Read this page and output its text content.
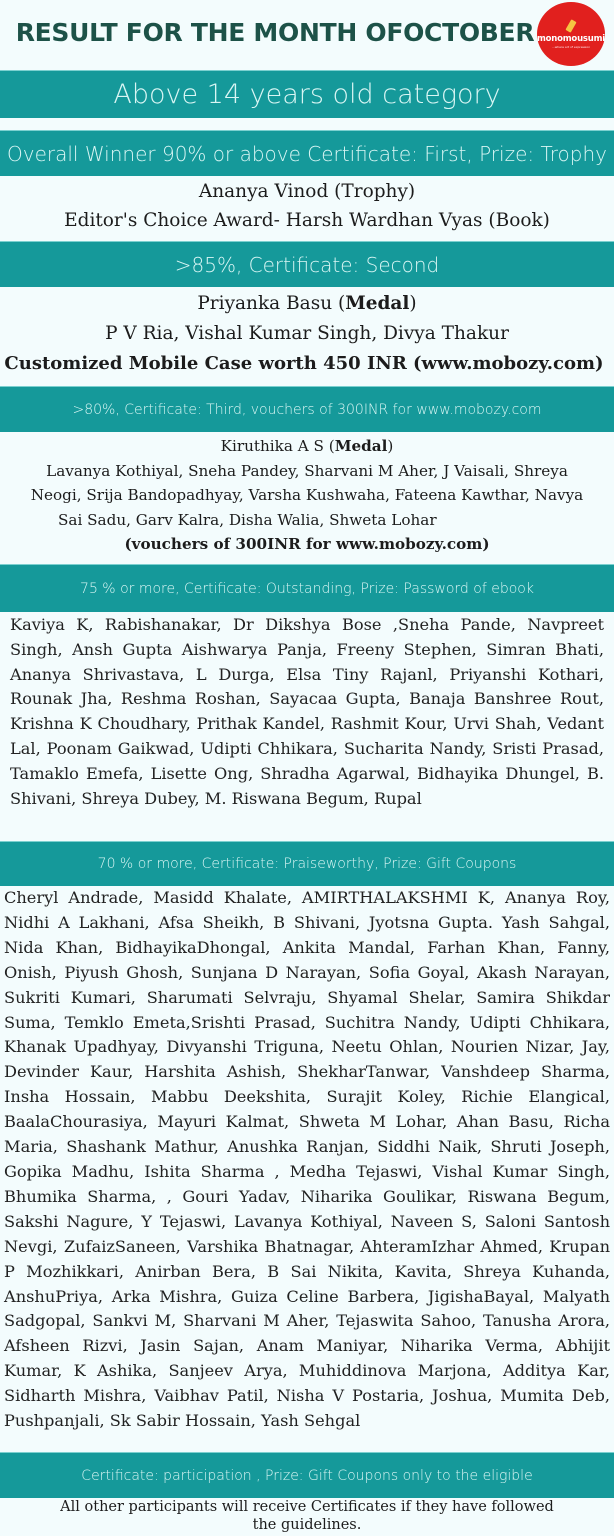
RESULT FOR THE MONTH OFOCTOBER monomousumi
...where art of expression
Above 14 years old category
Overall Winner 90% or above Certificate: First, Prize: Trophy
Ananya Vinod (Trophy)
Editor's Choice Award- Harsh Wardhan Vyas (Book)
>85%, Certificate: Second
Priyanka Basu (Medal)
P V Ria, Vishal Kumar Singh, Divya Thakur
Customized Mobile Case worth 450 INR (www.mobozy.com)
>80%, Certificate: Third, vouchers of 300INR for www.mobozy.com
Kiruthika A S (Medal)
Lavanya Kothiyal, Sneha Pandey, Sharvani M Aher, J Vaisali, Shreya
Neogi, Srija Bandopadhyay, Varsha Kushwaha, Fateena Kawthar, Navya
Sai Sadu, Garv Kalra, Disha Walia, Shweta Lohar
(vouchers of 300INR for www.mobozy.com)
75 % or more, Certificate: Outstanding, Prize: Password of ebook
Kaviya K, Rabishanakar, Dr Dikshya Bose ,Sneha Pande, Navpreet Singh, Ansh Gupta Aishwarya Panja, Freeny Stephen, Simran Bhati, Ananya Shrivastava, L Durga, Elsa Tiny Rajanl, Priyanshi Kothari, Rounak Jha, Reshma Roshan, Sayacaa Gupta, Banaja Banshree Rout, Krishna K Choudhary, Prithak Kandel, Rashmit Kour, Urvi Shah, Vedant Lal, Poonam Gaikwad, Udipti Chhikara, Sucharita Nandy, Sristi Prasad, Tamaklo Emefa, Lisette Ong, Shradha Agarwal, Bidhayika Dhungel, B. Shivani, Shreya Dubey, M. Riswana Begum, Rupal
70 % or more, Certificate: Praiseworthy, Prize: Gift Coupons
Cheryl Andrade, Masidd Khalate, AMIRTHALAKSHMI K, Ananya Roy, Nidhi A Lakhani, Afsa Sheikh, B Shivani, Jyotsna Gupta. Yash Sahgal, Nida Khan, BidhayikaDhongal, Ankita Mandal, Farhan Khan, Fanny, Onish, Piyush Ghosh, Sunjana D Narayan, Sofia Goyal, Akash Narayan, Sukriti Kumari, Sharumati Selvraju, Shyamal Shelar, Samira Shikdar Suma, Temklo Emeta,Srishti Prasad, Suchitra Nandy, Udipti Chhikara, Khanak Upadhyay, Divyanshi Triguna, Neetu Ohlan, Nourien Nizar, Jay, Devinder Kaur, Harshita Ashish, ShekharTanwar, Vanshdeep Sharma, Insha Hossain, Mabbu Deekshita, Surajit Koley, Richie Elangical, BaalaChourasiya, Mayuri Kalmat, Shweta M Lohar, Ahan Basu, Richa Maria, Shashank Mathur, Anushka Ranjan, Siddhi Naik, Shruti Joseph, Gopika Madhu, Ishita Sharma , Medha Tejaswi, Vishal Kumar Singh, Bhumika Sharma, , Gouri Yadav, Niharika Goulikar, Riswana Begum, Sakshi Nagure, Y Tejaswi, Lavanya Kothiyal, Naveen S, Saloni Santosh Nevgi, ZufaizSaneen, Varshika Bhatnagar, AhteramIzhar Ahmed, Krupan P Mozhikkari, Anirban Bera, B Sai Nikita, Kavita, Shreya Kuhanda, AnshuPriya, Arka Mishra, Guiza Celine Barbera, JigishaBayal, Malyath Sadgopal, Sankvi M, Sharvani M Aher, Tejaswita Sahoo, Tanusha Arora, Afsheen Rizvi, Jasin Sajan, Anam Maniyar, Niharika Verma, Abhijit Kumar, K Ashika, Sanjeev Arya, Muhiddinova Marjona, Additya Kar, Sidharth Mishra, Vaibhav Patil, Nisha V Postaria, Joshua, Mumita Deb, Pushpanjali, Sk Sabir Hossain, Yash Sehgal
Certificate: participation , Prize: Gift Coupons only to the eligible
All other participants will receive Certificates if they have followed the guidelines.
